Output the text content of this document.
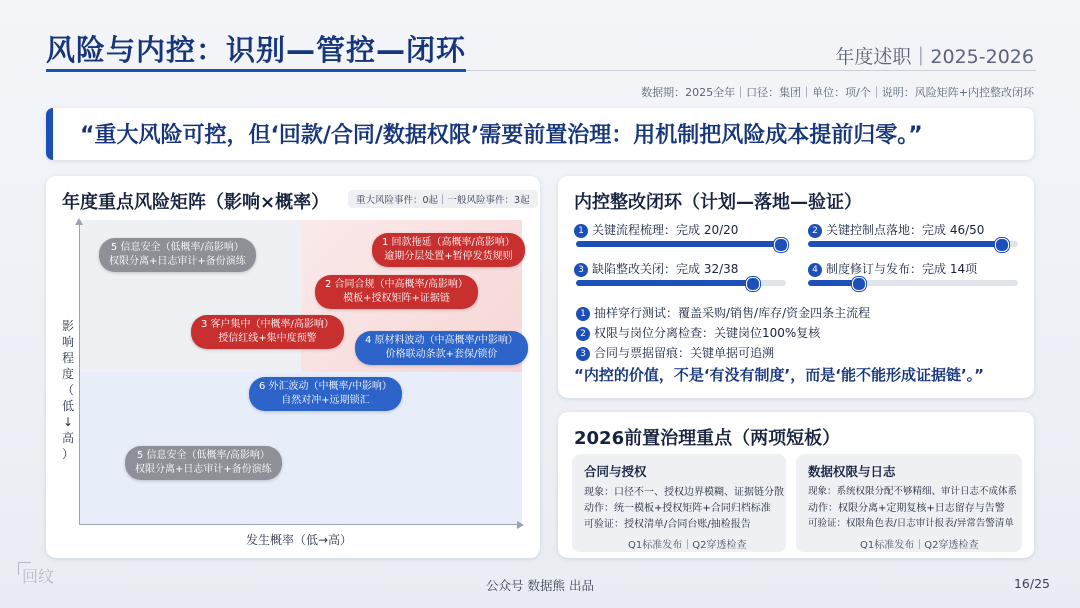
风险与内控：识别—管控—闭环	年度述职｜2025-2026
数据期：2025全年｜口径：集团｜单位：项/个｜说明：风险矩阵+内控整改闭环
“重大风险可控，但‘回款/合同/数据权限’需要前置治理：用机制把风险成本提前归零。”
年度重点风险矩阵（影响×概率）	重大风险事件：0起｜一般风险事件：3起
5 信息安全（低概率/高影响）
权限分离+日志审计+备份演练
1 回款拖延（高概率/高影响）
逾期分层处置+暂停发货规则
2 合同合规（中高概率/高影响）
模板+授权矩阵+证据链
3 客户集中（中概率/高影响）
授信红线+集中度预警	4 原材料波动（中高概率/中影响）
价格联动条款+套保/锁价
6 外汇波动（中概率/中影响）
自然对冲+远期锁汇
5 信息安全（低概率/高影响）
权限分离+日志审计+备份演练
影
响
程
度
（
低
↓
高
）
发生概率（低→高）
内控整改闭环（计划—落地—验证）
1 关键流程梳理：完成 20/20	2 关键控制点落地：完成 46/50
3 缺陷整改关闭：完成 32/38	4 制度修订与发布：完成 14项
1 抽样穿行测试：覆盖采购/销售/库存/资金四条主流程
2 权限与岗位分离检查：关键岗位100%复核
3 合同与票据留痕：关键单据可追溯
“内控的价值，不是‘有没有制度’，而是‘能不能形成证据链’。”
2026前置治理重点（两项短板）
合同与授权
现象：口径不一、授权边界模糊、证据链分散
动作：统一模板+授权矩阵+合同归档标准
可验证：授权清单/合同台账/抽检报告
Q1标准发布｜Q2穿透检查
数据权限与日志
现象：系统权限分配不够精细、审计日志不成体系
动作：权限分离+定期复核+日志留存与告警
可验证：权限角色表/日志审计报表/异常告警清单
Q1标准发布｜Q2穿透检查
回纹	公众号 数据熊 出品	16/25
